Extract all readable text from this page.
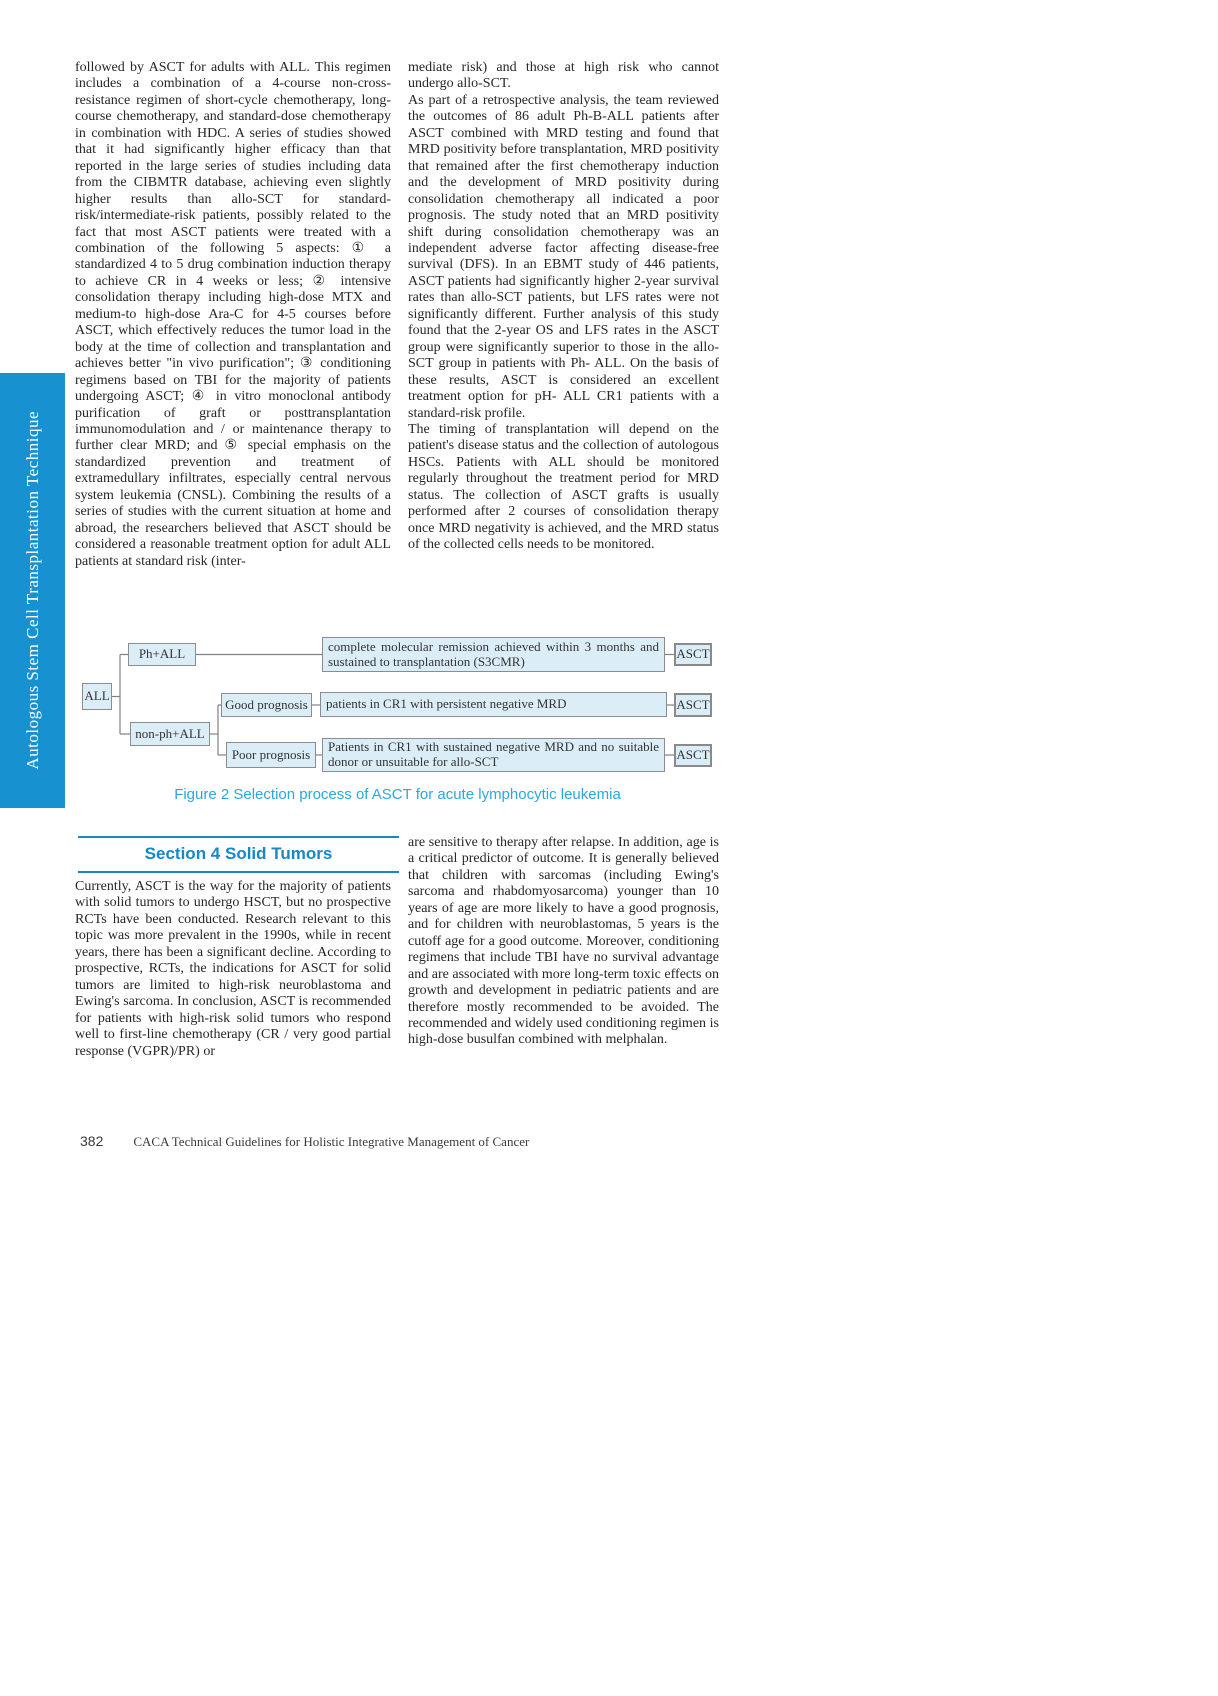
Autologous Stem Cell Transplantation Technique

followed by ASCT for adults with ALL. This regimen includes a combination of a 4-course non-cross-resistance regimen of short-cycle chemotherapy, long-course chemotherapy, and standard-dose chemotherapy in combination with HDC. A series of studies showed that it had significantly higher efficacy than that reported in the large series of studies including data from the CIBMTR database, achieving even slightly higher results than allo-SCT for standard-risk/intermediate-risk patients, possibly related to the fact that most ASCT patients were treated with a combination of the following 5 aspects: ① a standardized 4 to 5 drug combination induction therapy to achieve CR in 4 weeks or less; ② intensive consolidation therapy including high-dose MTX and medium-to high-dose Ara-C for 4-5 courses before ASCT, which effectively reduces the tumor load in the body at the time of collection and transplantation and achieves better "in vivo purification"; ③ conditioning regimens based on TBI for the majority of patients undergoing ASCT; ④ in vitro monoclonal antibody purification of graft or posttransplantation immunomodulation and / or maintenance therapy to further clear MRD; and ⑤ special emphasis on the standardized prevention and treatment of extramedullary infiltrates, especially central nervous system leukemia (CNSL). Combining the results of a series of studies with the current situation at home and abroad, the researchers believed that ASCT should be considered a reasonable treatment option for adult ALL patients at standard risk (inter-

mediate risk) and those at high risk who cannot undergo allo-SCT.

As part of a retrospective analysis, the team reviewed the outcomes of 86 adult Ph-B-ALL patients after ASCT combined with MRD testing and found that MRD positivity before transplantation, MRD positivity that remained after the first chemotherapy induction and the development of MRD positivity during consolidation chemotherapy all indicated a poor prognosis. The study noted that an MRD positivity shift during consolidation chemotherapy was an independent adverse factor affecting disease-free survival (DFS). In an EBMT study of 446 patients, ASCT patients had significantly higher 2-year survival rates than allo-SCT patients, but LFS rates were not significantly different. Further analysis of this study found that the 2-year OS and LFS rates in the ASCT group were significantly superior to those in the allo-SCT group in patients with Ph- ALL. On the basis of these results, ASCT is considered an excellent treatment option for pH- ALL CR1 patients with a standard-risk profile.

The timing of transplantation will depend on the patient's disease status and the collection of autologous HSCs. Patients with ALL should be monitored regularly throughout the treatment period for MRD status. The collection of ASCT grafts is usually performed after 2 courses of consolidation therapy once MRD negativity is achieved, and the MRD status of the collected cells needs to be monitored.

ALL
Ph+ALL
non-ph+ALL
Good prognosis
Poor prognosis
complete molecular remission achieved within 3 months and sustained to transplantation (S3CMR)
patients in CR1 with persistent negative MRD
Patients in CR1 with sustained negative MRD and no suitable donor or unsuitable for allo-SCT
ASCT
ASCT
ASCT
Figure 2 Selection process of ASCT for acute lymphocytic leukemia
Section 4 Solid Tumors

Currently, ASCT is the way for the majority of patients with solid tumors to undergo HSCT, but no prospective RCTs have been conducted. Research relevant to this topic was more prevalent in the 1990s, while in recent years, there has been a significant decline. According to prospective, RCTs, the indications for ASCT for solid tumors are limited to high-risk neuroblastoma and Ewing's sarcoma. In conclusion, ASCT is recommended for patients with high-risk solid tumors who respond well to first-line chemotherapy (CR / very good partial response (VGPR)/PR) or

are sensitive to therapy after relapse. In addition, age is a critical predictor of outcome. It is generally believed that children with sarcomas (including Ewing's sarcoma and rhabdomyosarcoma) younger than 10 years of age are more likely to have a good prognosis, and for children with neuroblastomas, 5 years is the cutoff age for a good outcome. Moreover, conditioning regimens that include TBI have no survival advantage and are associated with more long-term toxic effects on growth and development in pediatric patients and are therefore mostly recommended to be avoided. The recommended and widely used conditioning regimen is high-dose busulfan combined with melphalan.

382 CACA Technical Guidelines for Holistic Integrative Management of Cancer
